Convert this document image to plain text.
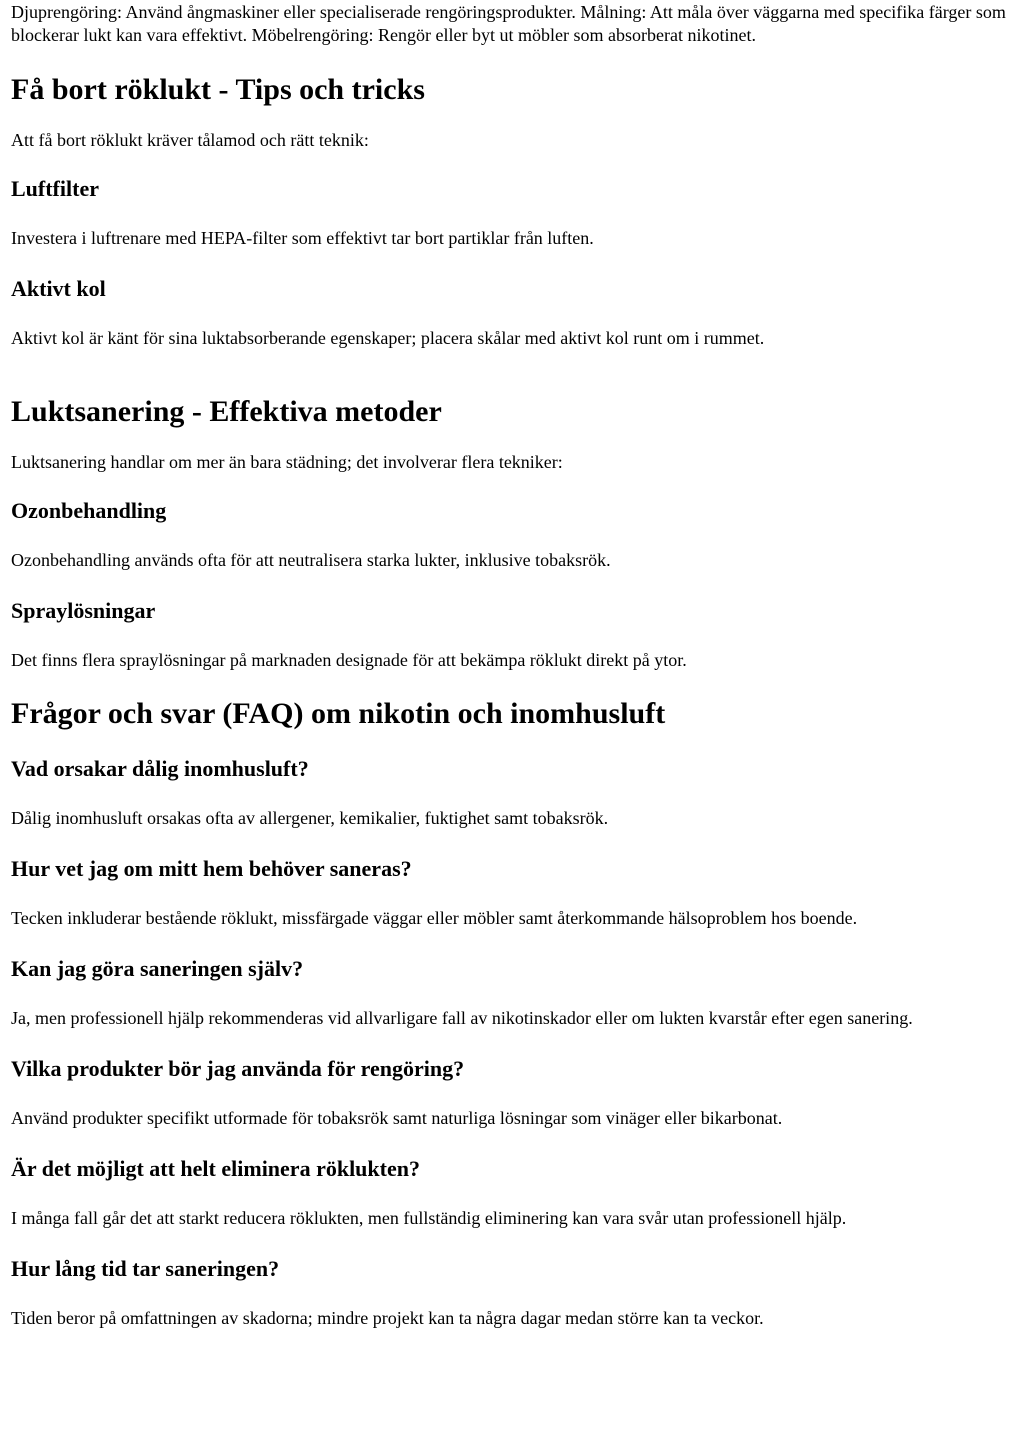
Djuprengöring: Använd ångmaskiner eller specialiserade rengöringsprodukter. Målning: Att måla över väggarna med specifika färger som blockerar lukt kan vara effektivt. Möbelrengöring: Rengör eller byt ut möbler som absorberat nikotinet.

Få bort röklukt - Tips och tricks

Att få bort röklukt kräver tålamod och rätt teknik:

Luftfilter

Investera i luftrenare med HEPA-filter som effektivt tar bort partiklar från luften.

Aktivt kol

Aktivt kol är känt för sina luktabsorberande egenskaper; placera skålar med aktivt kol runt om i rummet.

Luktsanering - Effektiva metoder

Luktsanering handlar om mer än bara städning; det involverar flera tekniker:

Ozonbehandling

Ozonbehandling används ofta för att neutralisera starka lukter, inklusive tobaksrök.

Spraylösningar

Det finns flera spraylösningar på marknaden designade för att bekämpa röklukt direkt på ytor.

Frågor och svar (FAQ) om nikotin och inomhusluft
Vad orsakar dålig inomhusluft?

Dålig inomhusluft orsakas ofta av allergener, kemikalier, fuktighet samt tobaksrök.

Hur vet jag om mitt hem behöver saneras?

Tecken inkluderar bestående röklukt, missfärgade väggar eller möbler samt återkommande hälsoproblem hos boende.

Kan jag göra saneringen själv?

Ja, men professionell hjälp rekommenderas vid allvarligare fall av nikotinskador eller om lukten kvarstår efter egen sanering.

Vilka produkter bör jag använda för rengöring?

Använd produkter specifikt utformade för tobaksrök samt naturliga lösningar som vinäger eller bikarbonat.

Är det möjligt att helt eliminera röklukten?

I många fall går det att starkt reducera röklukten, men fullständig eliminering kan vara svår utan professionell hjälp.

Hur lång tid tar saneringen?

Tiden beror på omfattningen av skadorna; mindre projekt kan ta några dagar medan större kan ta veckor.
